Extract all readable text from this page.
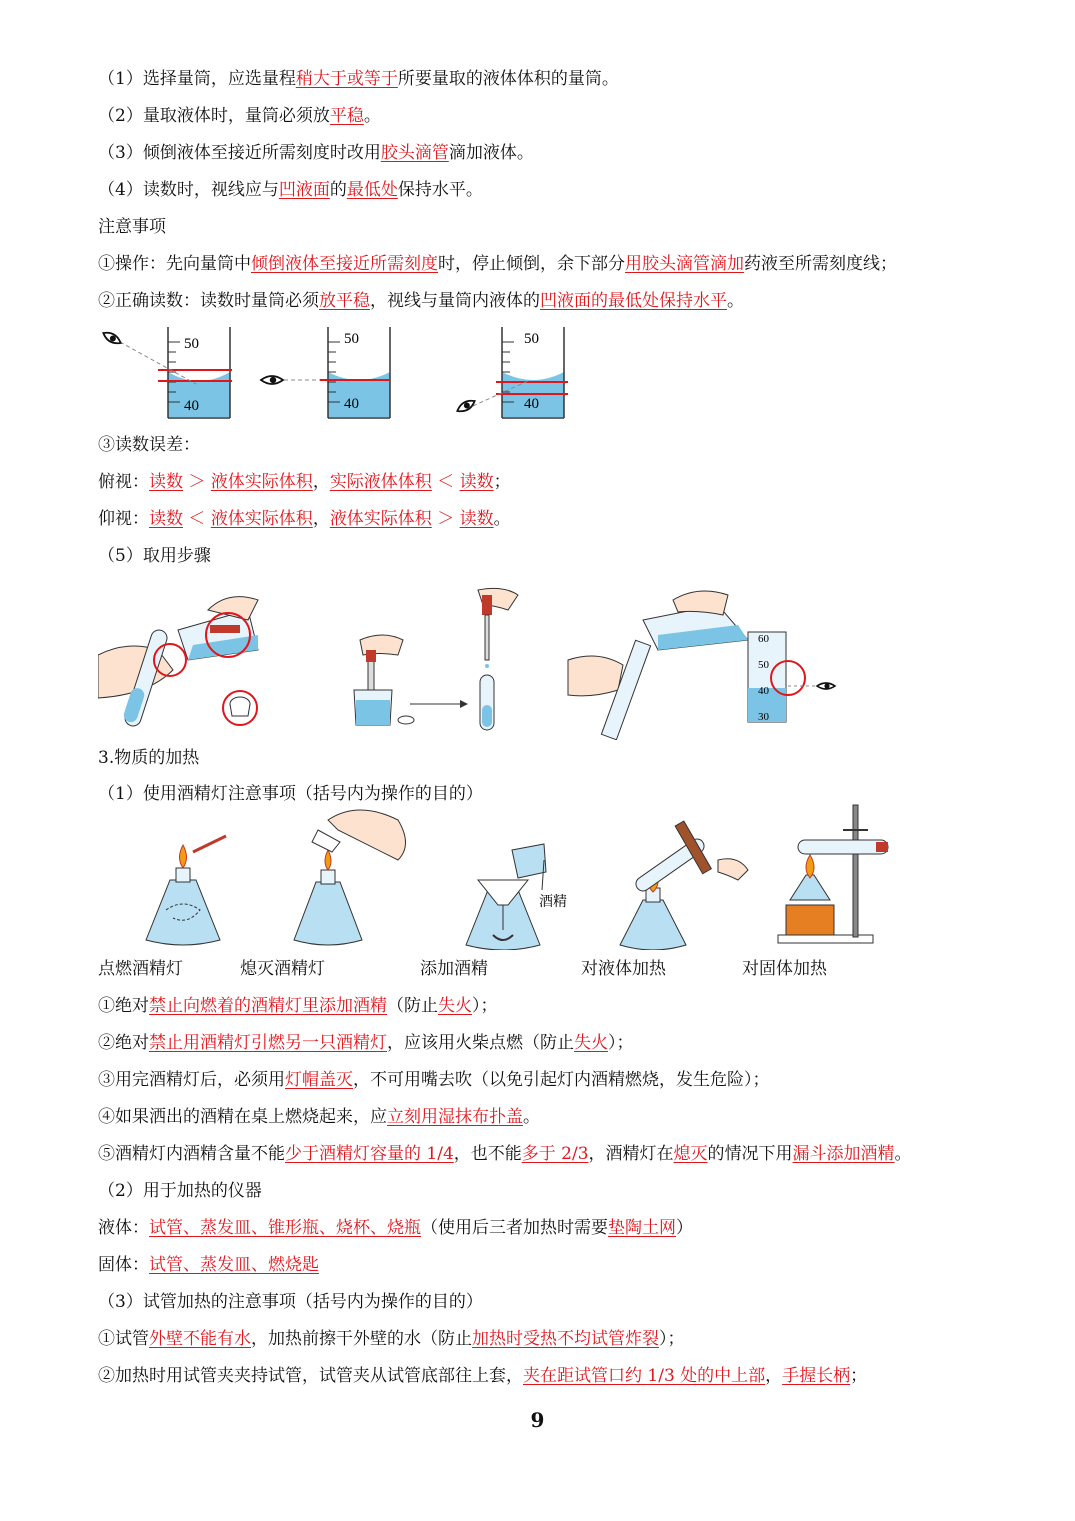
（1）选择量筒，应选量程稍大于或等于所要量取的液体体积的量筒。
（2）量取液体时，量筒必须放平稳。
（3）倾倒液体至接近所需刻度时改用胶头滴管滴加液体。
（4）读数时，视线应与凹液面的最低处保持水平。
注意事项
①操作：先向量筒中倾倒液体至接近所需刻度时，停止倾倒，余下部分用胶头滴管滴加药液至所需刻度线；
②正确读数：读数时量筒必须放平稳，视线与量筒内液体的凹液面的最低处保持水平。
50
40
50
40
50
40
③读数误差：
俯视：读数 ＞ 液体实际体积，实际液体体积 ＜ 读数；
仰视：读数 ＜ 液体实际体积，液体实际体积 ＞ 读数。
（5）取用步骤
60
50
40
30
3.物质的加热
（1）使用酒精灯注意事项（括号内为操作的目的）
酒精
点燃酒精灯	熄灭酒精灯	添加酒精	对液体加热	对固体加热
①绝对禁止向燃着的酒精灯里添加酒精（防止失火）；
②绝对禁止用酒精灯引燃另一只酒精灯，应该用火柴点燃（防止失火）；
③用完酒精灯后，必须用灯帽盖灭，不可用嘴去吹（以免引起灯内酒精燃烧，发生危险）；
④如果洒出的酒精在桌上燃烧起来，应立刻用湿抹布扑盖。
⑤酒精灯内酒精含量不能少于酒精灯容量的 1/4，也不能多于 2/3，酒精灯在熄灭的情况下用漏斗添加酒精。
（2）用于加热的仪器
液体：试管、蒸发皿、锥形瓶、烧杯、烧瓶（使用后三者加热时需要垫陶土网）
固体：试管、蒸发皿、燃烧匙
（3）试管加热的注意事项（括号内为操作的目的）
①试管外壁不能有水，加热前擦干外壁的水（防止加热时受热不均试管炸裂）；
②加热时用试管夹夹持试管，试管夹从试管底部往上套，夹在距试管口约 1/3 处的中上部，手握长柄；
9
